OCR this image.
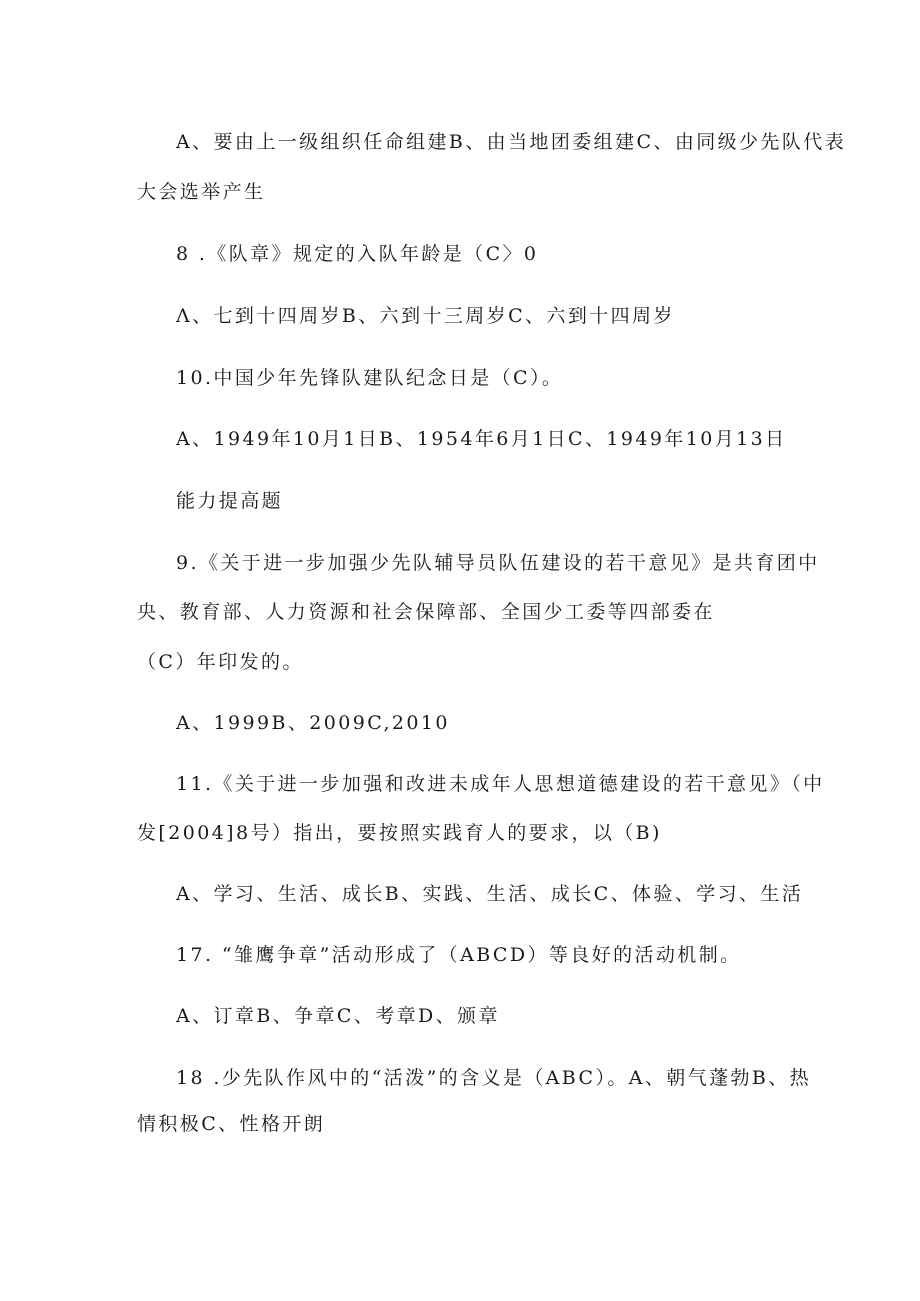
A、要由上一级组织任命组建B、由当地团委组建C、由同级少先队代表
大会选举产生
8 .《队章》规定的入队年龄是（C〉0
Λ、七到十四周岁B、六到十三周岁C、六到十四周岁
10.中国少年先锋队建队纪念日是（C）。
A、1949年10月1日B、1954年6月1日C、1949年10月13日
能力提高题
9.《关于进一步加强少先队辅导员队伍建设的若干意见》是共育团中
央、教育部、人力资源和社会保障部、全国少工委等四部委在
（C）年印发的。
A、1999B、2009C,2010
11.《关于进一步加强和改进未成年人思想道德建设的若干意见》（中
发[2004]8号）指出，要按照实践育人的要求，以（B)
A、学习、生活、成长B、实践、生活、成长C、体验、学习、生活
17. “雏鹰争章”活动形成了（ABCD）等良好的活动机制。
A、订章B、争章C、考章D、颁章
18 .少先队作风中的“活泼”的含义是（ABC）。A、朝气蓬勃B、热
情积极C、性格开朗
